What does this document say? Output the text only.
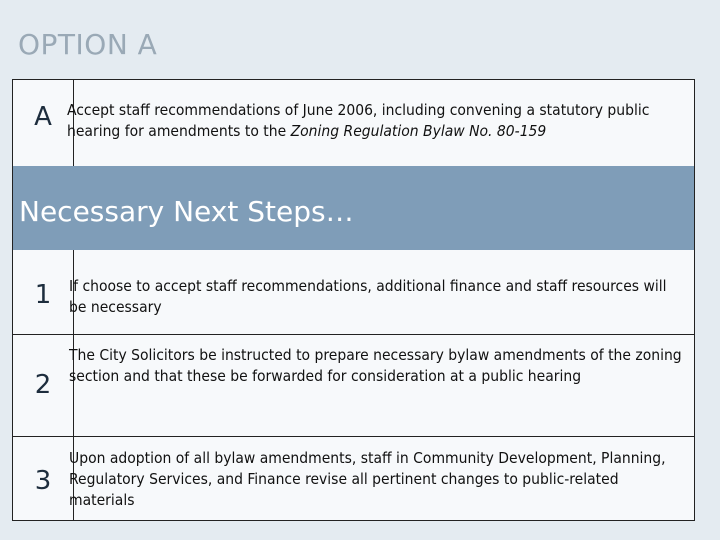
OPTION A
A Accept staff recommendations of June 2006, including convening a statutory public hearing for amendments to the Zoning Regulation Bylaw No. 80-159
Necessary Next Steps…
1	If choose to accept staff recommendations, additional finance and staff resources will be necessary
2
The City Solicitors be instructed to prepare necessary bylaw amendments of the zoning section and that these be forwarded for consideration at a public hearing
3
Upon adoption of all bylaw amendments, staff in Community Development, Planning, Regulatory Services, and Finance revise all pertinent changes to public-related materials
